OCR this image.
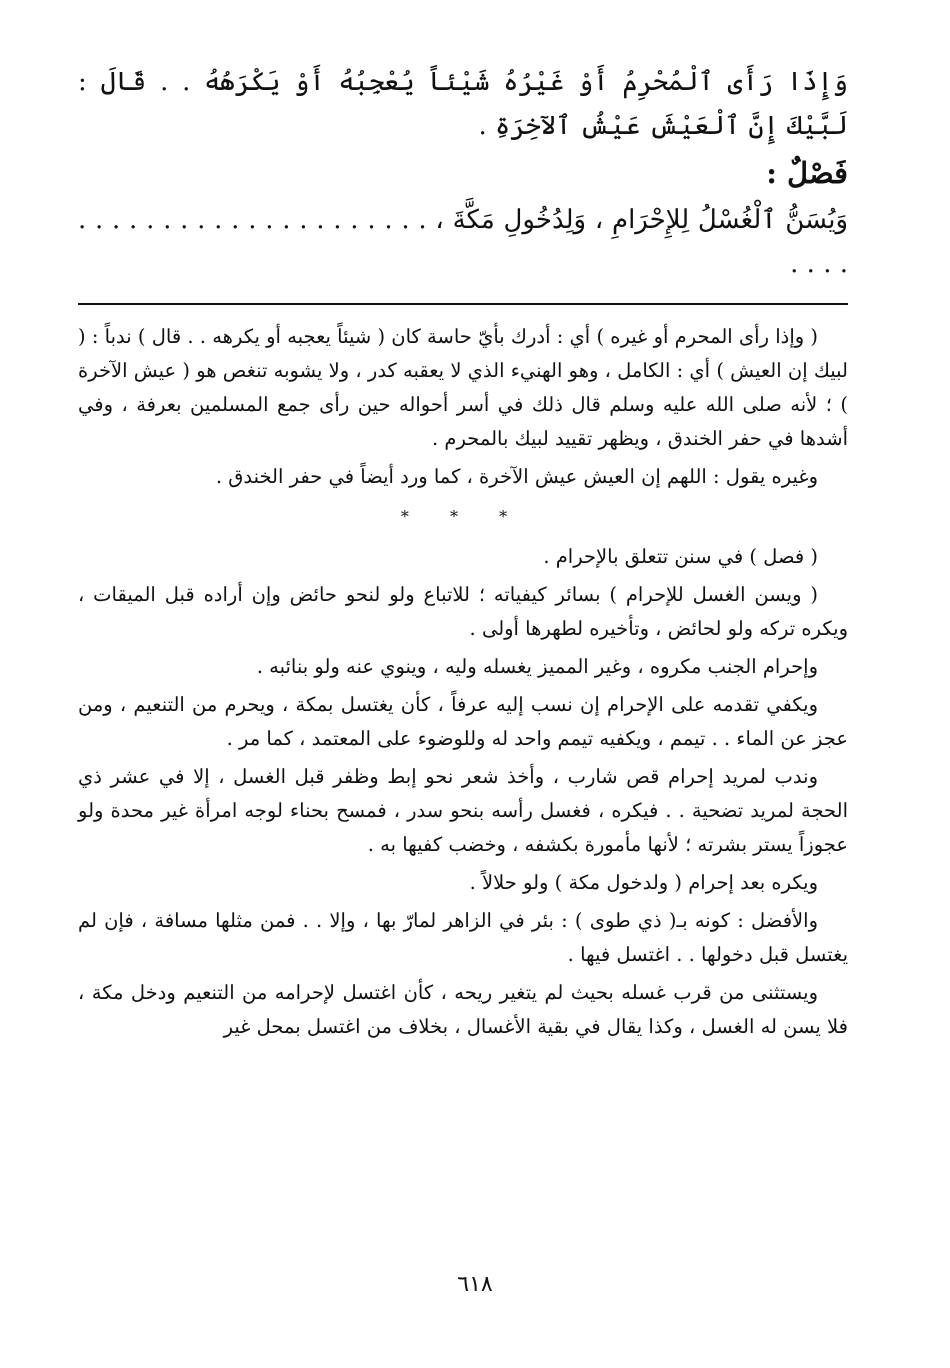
وَإِذَا رَأَى ٱلْمُحْرِمُ أَوْ غَيْرُهُ شَيْئاً يُعْجِبُهُ أَوْ يَكْرَهُهُ . . قَالَ : لَبَّيْكَ إِنَّ ٱلْعَيْشَ عَيْشُ ٱلآخِرَةِ .

فَصْلٌ :

وَيُسَنُّ ٱلْغُسْلُ لِلإِحْرَامِ ، وَلِدُخُولِ مَكَّةَ ، . . . . . . . . . . . . . . . . . . . . . . . . .

( وإذا رأى المحرم أو غيره ) أي : أدرك بأيّ حاسة كان ( شيئاً يعجبه أو يكرهه . . قال ) ندباً : ( لبيك إن العيش ) أي : الكامل ، وهو الهنيء الذي لا يعقبه كدر ، ولا يشوبه تنغص هو ( عيش الآخرة ) ؛ لأنه صلى الله عليه وسلم قال ذلك في أسر أحواله حين رأى جمع المسلمين بعرفة ، وفي أشدها في حفر الخندق ، ويظهر تقييد لبيك بالمحرم .

وغيره يقول : اللهم إن العيش عيش الآخرة ، كما ورد أيضاً في حفر الخندق .

* * *

( فصل ) في سنن تتعلق بالإحرام .

( ويسن الغسل للإحرام ) بسائر كيفياته ؛ للاتباع ولو لنحو حائض وإن أراده قبل الميقات ، ويكره تركه ولو لحائض ، وتأخيره لطهرها أولى .

وإحرام الجنب مكروه ، وغير المميز يغسله وليه ، وينوي عنه ولو بنائبه .

ويكفي تقدمه على الإحرام إن نسب إليه عرفاً ، كأن يغتسل بمكة ، ويحرم من التنعيم ، ومن عجز عن الماء . . تيمم ، ويكفيه تيمم واحد له وللوضوء على المعتمد ، كما مر .

وندب لمريد إحرام قص شارب ، وأخذ شعر نحو إبط وظفر قبل الغسل ، إلا في عشر ذي الحجة لمريد تضحية . . فيكره ، فغسل رأسه بنحو سدر ، فمسح بحناء لوجه امرأة غير محدة ولو عجوزاً يستر بشرته ؛ لأنها مأمورة بكشفه ، وخضب كفيها به .

ويكره بعد إحرام ( ولدخول مكة ) ولو حلالاً .

والأفضل : كونه بـ( ذي طوى ) : بئر في الزاهر لمارّ بها ، وإلا . . فمن مثلها مسافة ، فإن لم يغتسل قبل دخولها . . اغتسل فيها .

ويستثنى من قرب غسله بحيث لم يتغير ريحه ، كأن اغتسل لإحرامه من التنعيم ودخل مكة ، فلا يسن له الغسل ، وكذا يقال في بقية الأغسال ، بخلاف من اغتسل بمحل غير

٦١٨
